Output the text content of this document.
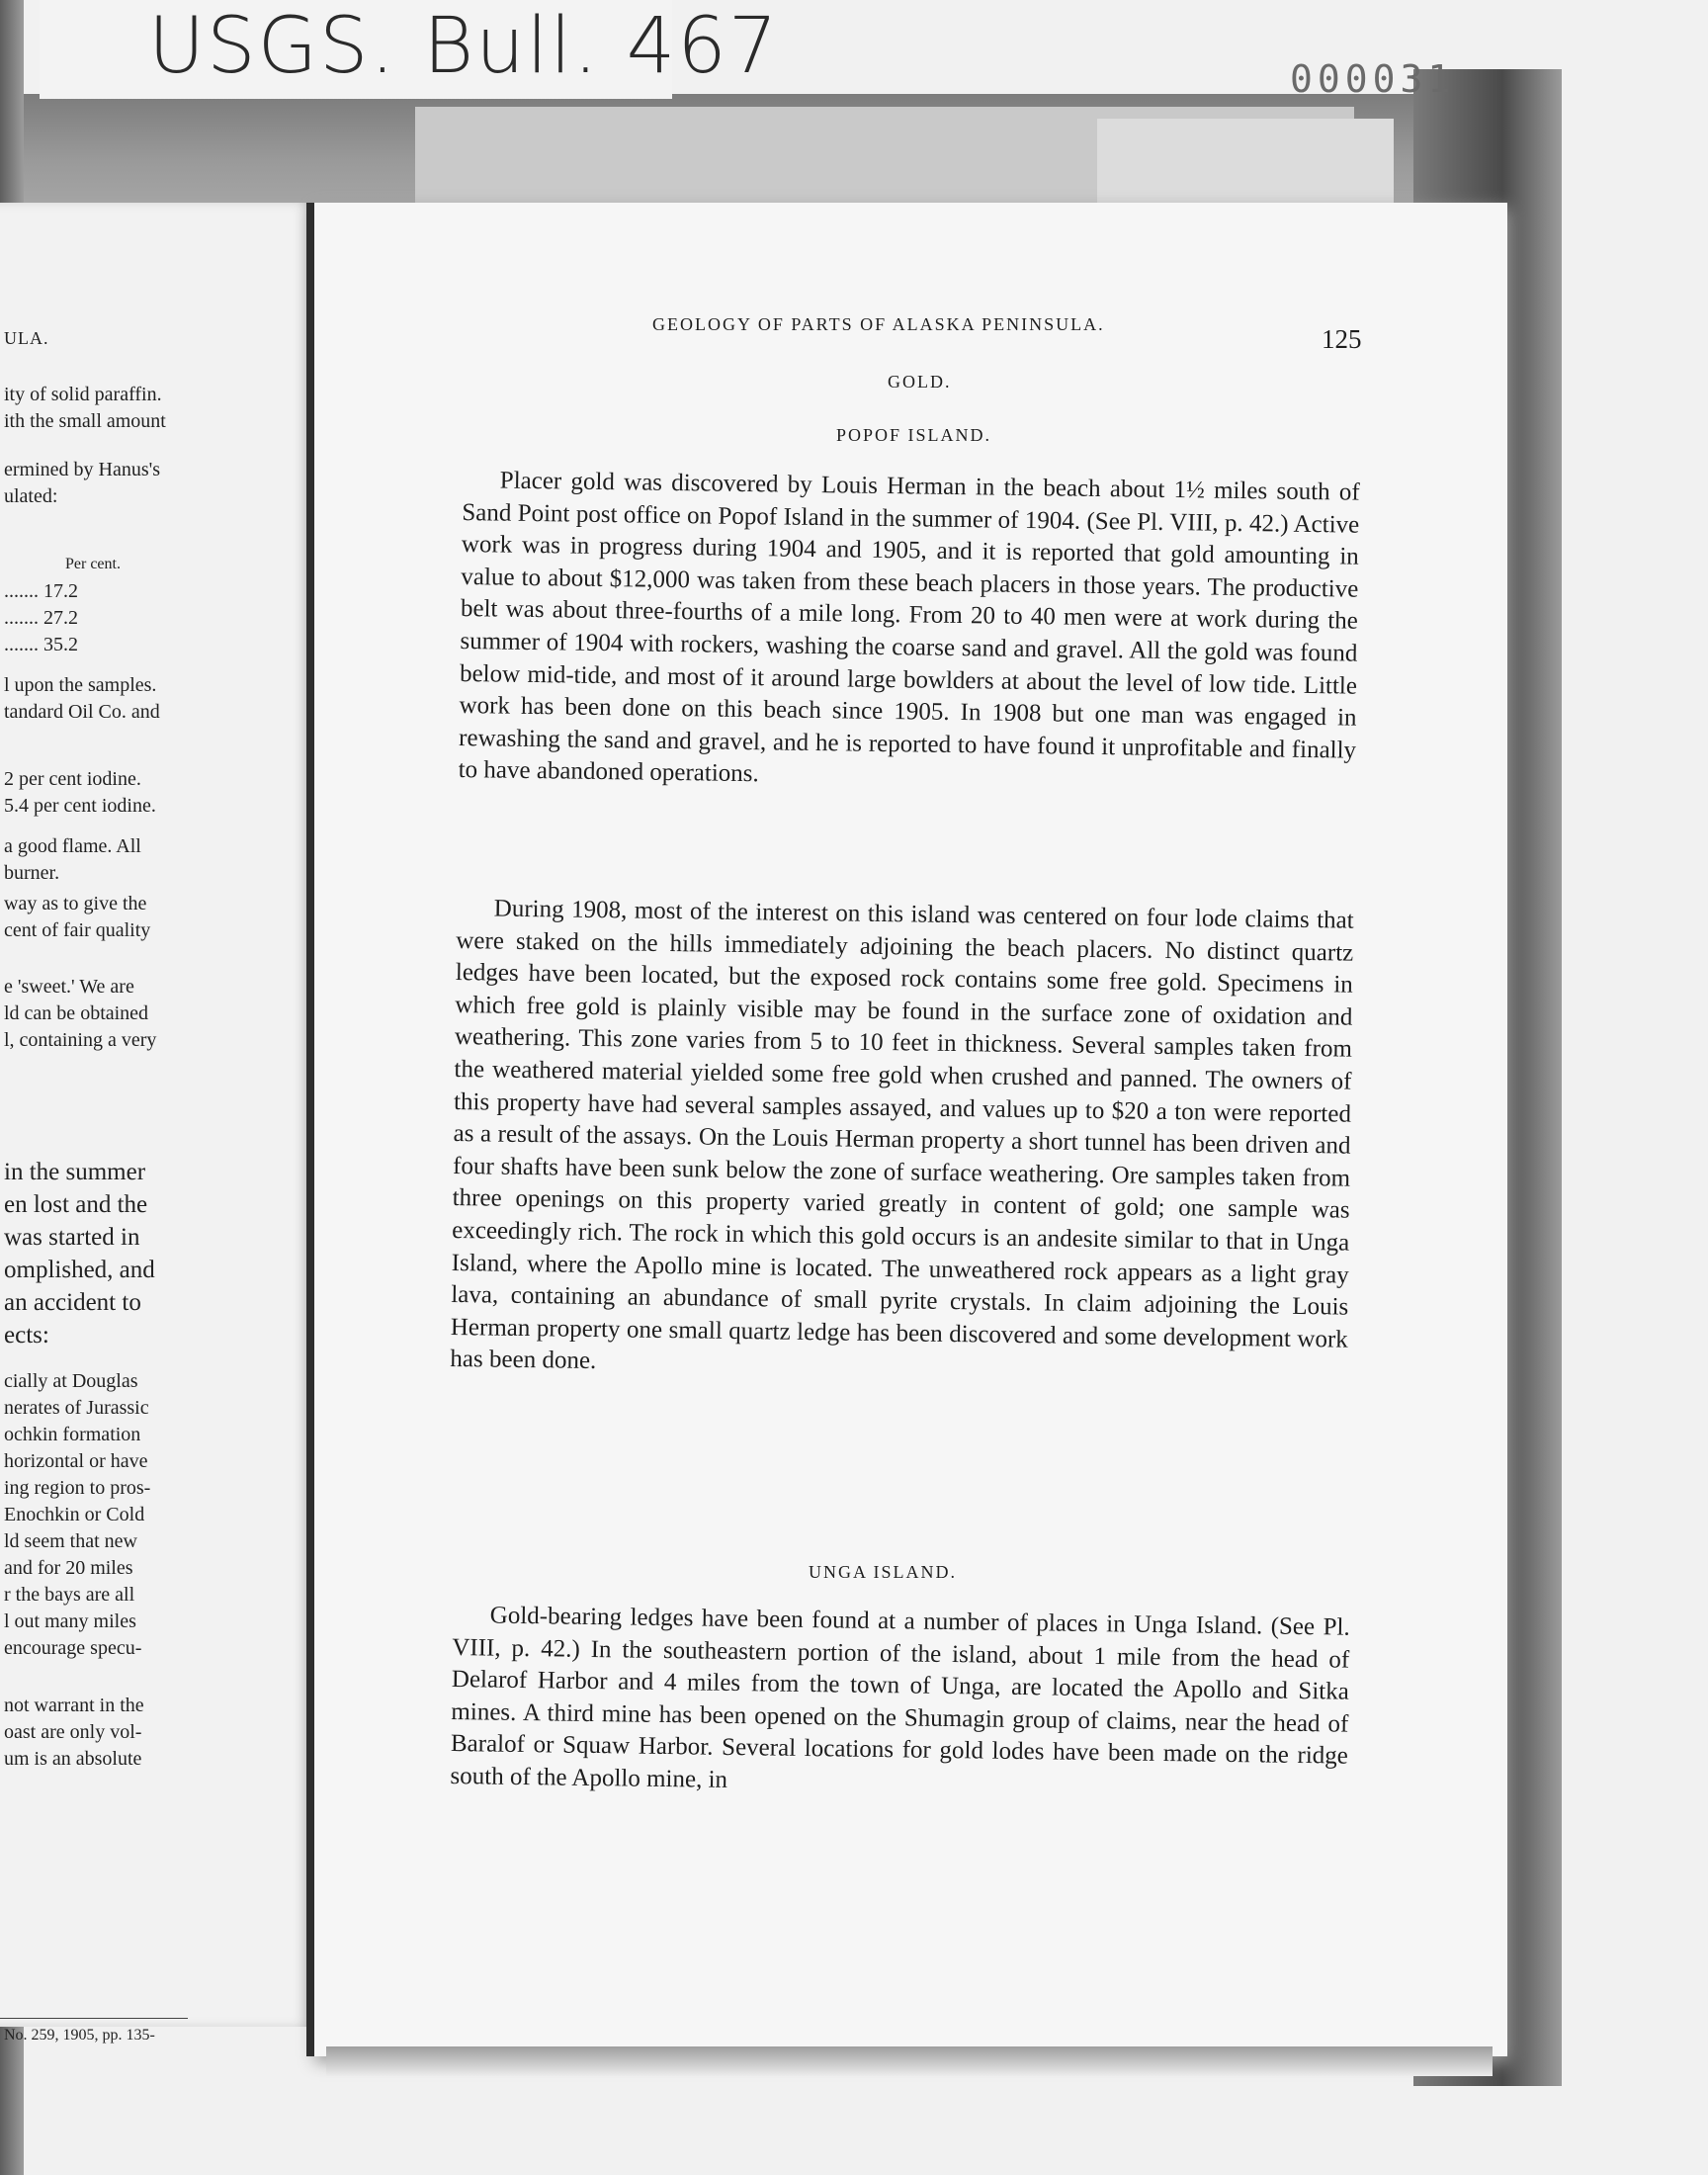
USGS. Bull. 467	000031
ULA.
ity of solid paraffin.
ith the small amount
ermined by Hanus's
ulated:
Per cent.
....... 17.2
....... 27.2
....... 35.2
l upon the samples.
tandard Oil Co. and
2 per cent iodine.
5.4 per cent iodine.
a good flame. All
burner.
way as to give the
cent of fair quality
e 'sweet.' We are
ld can be obtained
l, containing a very
in the summer
en lost and the
was started in
omplished, and
an accident to
ects:
cially at Douglas
nerates of Jurassic
ochkin formation
horizontal or have
ing region to pros-
Enochkin or Cold
ld seem that new
and for 20 miles
r the bays are all
l out many miles
encourage specu-
not warrant in the
oast are only vol-
um is an absolute
No. 259, 1905, pp. 135-
GEOLOGY OF PARTS OF ALASKA PENINSULA.	125
GOLD.
POPOF ISLAND.

Placer gold was discovered by Louis Herman in the beach about 1½ miles south of Sand Point post office on Popof Island in the summer of 1904. (See Pl. VIII, p. 42.) Active work was in progress during 1904 and 1905, and it is reported that gold amounting in value to about $12,000 was taken from these beach placers in those years. The productive belt was about three-fourths of a mile long. From 20 to 40 men were at work during the summer of 1904 with rockers, washing the coarse sand and gravel. All the gold was found below mid-tide, and most of it around large bowlders at about the level of low tide. Little work has been done on this beach since 1905. In 1908 but one man was engaged in rewashing the sand and gravel, and he is reported to have found it unprofitable and finally to have abandoned operations.

During 1908, most of the interest on this island was centered on four lode claims that were staked on the hills immediately adjoining the beach placers. No distinct quartz ledges have been located, but the exposed rock contains some free gold. Specimens in which free gold is plainly visible may be found in the surface zone of oxidation and weathering. This zone varies from 5 to 10 feet in thickness. Several samples taken from the weathered material yielded some free gold when crushed and panned. The owners of this property have had several samples assayed, and values up to $20 a ton were reported as a result of the assays. On the Louis Herman property a short tunnel has been driven and four shafts have been sunk below the zone of surface weathering. Ore samples taken from three openings on this property varied greatly in content of gold; one sample was exceedingly rich. The rock in which this gold occurs is an andesite similar to that in Unga Island, where the Apollo mine is located. The unweathered rock appears as a light gray lava, containing an abundance of small pyrite crystals. In claim adjoining the Louis Herman property one small quartz ledge has been discovered and some development work has been done.

UNGA ISLAND.

Gold-bearing ledges have been found at a number of places in Unga Island. (See Pl. VIII, p. 42.) In the southeastern portion of the island, about 1 mile from the head of Delarof Harbor and 4 miles from the town of Unga, are located the Apollo and Sitka mines. A third mine has been opened on the Shumagin group of claims, near the head of Baralof or Squaw Harbor. Several locations for gold lodes have been made on the ridge south of the Apollo mine, in
